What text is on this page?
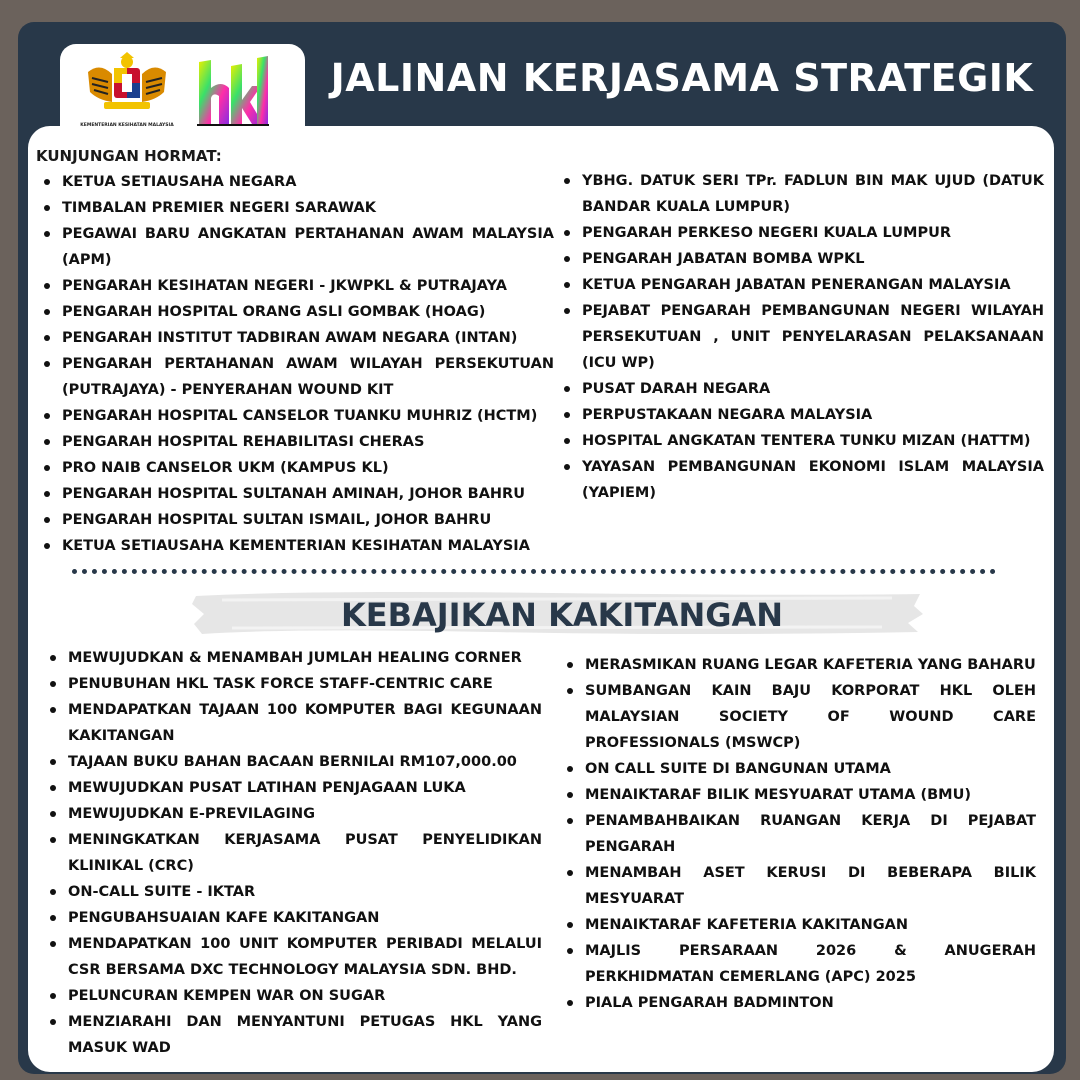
JALINAN KERJASAMA STRATEGIK
KUNJUNGAN HORMAT:
KETUA SETIAUSAHA NEGARA
TIMBALAN PREMIER NEGERI SARAWAK
PEGAWAI BARU ANGKATAN PERTAHANAN AWAM MALAYSIA (APM)
PENGARAH KESIHATAN NEGERI - JKWPKL & PUTRAJAYA
PENGARAH HOSPITAL ORANG ASLI GOMBAK (HOAG)
PENGARAH INSTITUT TADBIRAN AWAM NEGARA (INTAN)
PENGARAH PERTAHANAN AWAM WILAYAH PERSEKUTUAN (PUTRAJAYA) - PENYERAHAN WOUND KIT
PENGARAH HOSPITAL CANSELOR TUANKU MUHRIZ (HCTM)
PENGARAH HOSPITAL REHABILITASI CHERAS
PRO NAIB CANSELOR UKM (KAMPUS KL)
PENGARAH HOSPITAL SULTANAH AMINAH, JOHOR BAHRU
PENGARAH HOSPITAL SULTAN ISMAIL, JOHOR BAHRU
KETUA SETIAUSAHA KEMENTERIAN KESIHATAN MALAYSIA
YBHG. DATUK SERI TPr. FADLUN BIN MAK UJUD (DATUK BANDAR KUALA LUMPUR)
PENGARAH PERKESO NEGERI KUALA LUMPUR
PENGARAH JABATAN BOMBA WPKL
KETUA PENGARAH JABATAN PENERANGAN MALAYSIA
PEJABAT PENGARAH PEMBANGUNAN NEGERI WILAYAH PERSEKUTUAN , UNIT PENYELARASAN PELAKSANAAN (ICU WP)
PUSAT DARAH NEGARA
PERPUSTAKAAN NEGARA MALAYSIA
HOSPITAL ANGKATAN TENTERA TUNKU MIZAN (HATTM)
YAYASAN PEMBANGUNAN EKONOMI ISLAM MALAYSIA (YAPIEM)
KEBAJIKAN KAKITANGAN
MEWUJUDKAN & MENAMBAH JUMLAH HEALING CORNER
PENUBUHAN HKL TASK FORCE STAFF-CENTRIC CARE
MENDAPATKAN TAJAAN 100 KOMPUTER BAGI KEGUNAAN KAKITANGAN
TAJAAN BUKU BAHAN BACAAN BERNILAI RM107,000.00
MEWUJUDKAN PUSAT LATIHAN PENJAGAAN LUKA
MEWUJUDKAN E-PREVILAGING
MENINGKATKAN KERJASAMA PUSAT PENYELIDIKAN KLINIKAL (CRC)
ON-CALL SUITE - IKTAR
PENGUBAHSUAIAN KAFE KAKITANGAN
MENDAPATKAN 100 UNIT KOMPUTER PERIBADI MELALUI CSR BERSAMA DXC TECHNOLOGY MALAYSIA SDN. BHD.
PELUNCURAN KEMPEN WAR ON SUGAR
MENZIARAHI DAN MENYANTUNI PETUGAS HKL YANG MASUK WAD
MERASMIKAN RUANG LEGAR KAFETERIA YANG BAHARU
SUMBANGAN KAIN BAJU KORPORAT HKL OLEH MALAYSIAN SOCIETY OF WOUND CARE PROFESSIONALS (MSWCP)
ON CALL SUITE DI BANGUNAN UTAMA
MENAIKTARAF BILIK MESYUARAT UTAMA (BMU)
PENAMBAHBAIKAN RUANGAN KERJA DI PEJABAT PENGARAH
MENAMBAH ASET KERUSI DI BEBERAPA BILIK MESYUARAT
MENAIKTARAF KAFETERIA KAKITANGAN
MAJLIS PERSARAAN 2026 & ANUGERAH PERKHIDMATAN CEMERLANG (APC) 2025
PIALA PENGARAH BADMINTON
